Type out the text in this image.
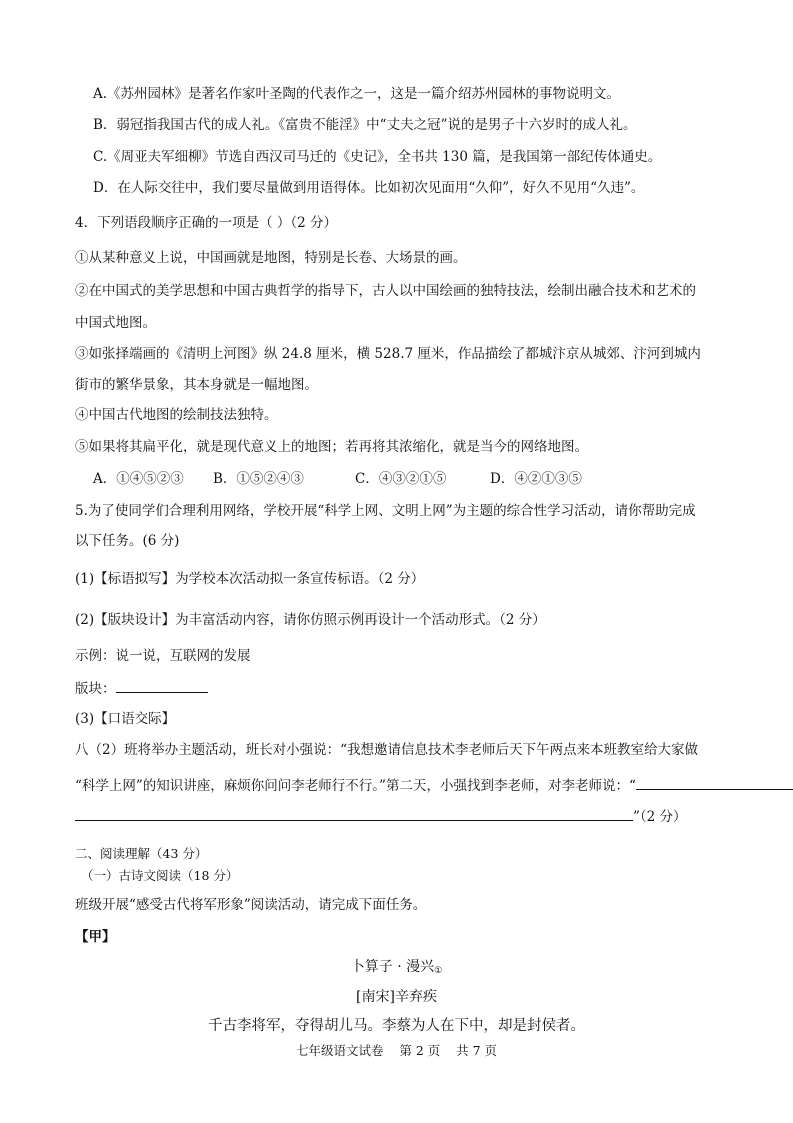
A.《苏州园林》是著名作家叶圣陶的代表作之一，这是一篇介绍苏州园林的事物说明文。
B．弱冠指我国古代的成人礼。《富贵不能淫》中“丈夫之冠”说的是男子十六岁时的成人礼。
C.《周亚夫军细柳》节选自西汉司马迁的《史记》，全书共 130 篇，是我国第一部纪传体通史。
D．在人际交往中，我们要尽量做到用语得体。比如初次见面用“久仰”，好久不见用“久违”。
4．下列语段顺序正确的一项是（ ）（2 分）
①从某种意义上说，中国画就是地图，特别是长卷、大场景的画。
②在中国式的美学思想和中国古典哲学的指导下，古人以中国绘画的独特技法，绘制出融合技术和艺术的
中国式地图。
③如张择端画的《清明上河图》纵 24.8 厘米，横 528.7 厘米，作品描绘了都城汴京从城郊、汴河到城内
街市的繁华景象，其本身就是一幅地图。
④中国古代地图的绘制技法独特。
⑤如果将其扁平化，就是现代意义上的地图；若再将其浓缩化，就是当今的网络地图。
A．①④⑤②③ B．①⑤②④③	C．④③②①⑤	D．④②①③⑤
5.为了使同学们合理利用网络，学校开展“科学上网、文明上网”为主题的综合性学习活动，请你帮助完成
以下任务。(6 分)
(1)【标语拟写】为学校本次活动拟一条宣传标语。（2 分）
(2)【版块设计】为丰富活动内容，请你仿照示例再设计一个活动形式。（2 分）
示例：说一说，互联网的发展
版块：
(3)【口语交际】
八（2）班将举办主题活动，班长对小强说：“我想邀请信息技术李老师后天下午两点来本班教室给大家做
“科学上网”的知识讲座，麻烦你问问李老师行不行。”第二天，小强找到李老师，对李老师说：“
”（2 分）
二、阅读理解（43 分）
（一）古诗文阅读（18 分）
班级开展“感受古代将军形象”阅读活动，请完成下面任务。
【甲】
卜算子 · 漫兴①
[南宋]辛弃疾
千古李将军，夺得胡儿马。李蔡为人在下中，却是封侯者。
七年级语文试卷    第 2 页    共 7 页
